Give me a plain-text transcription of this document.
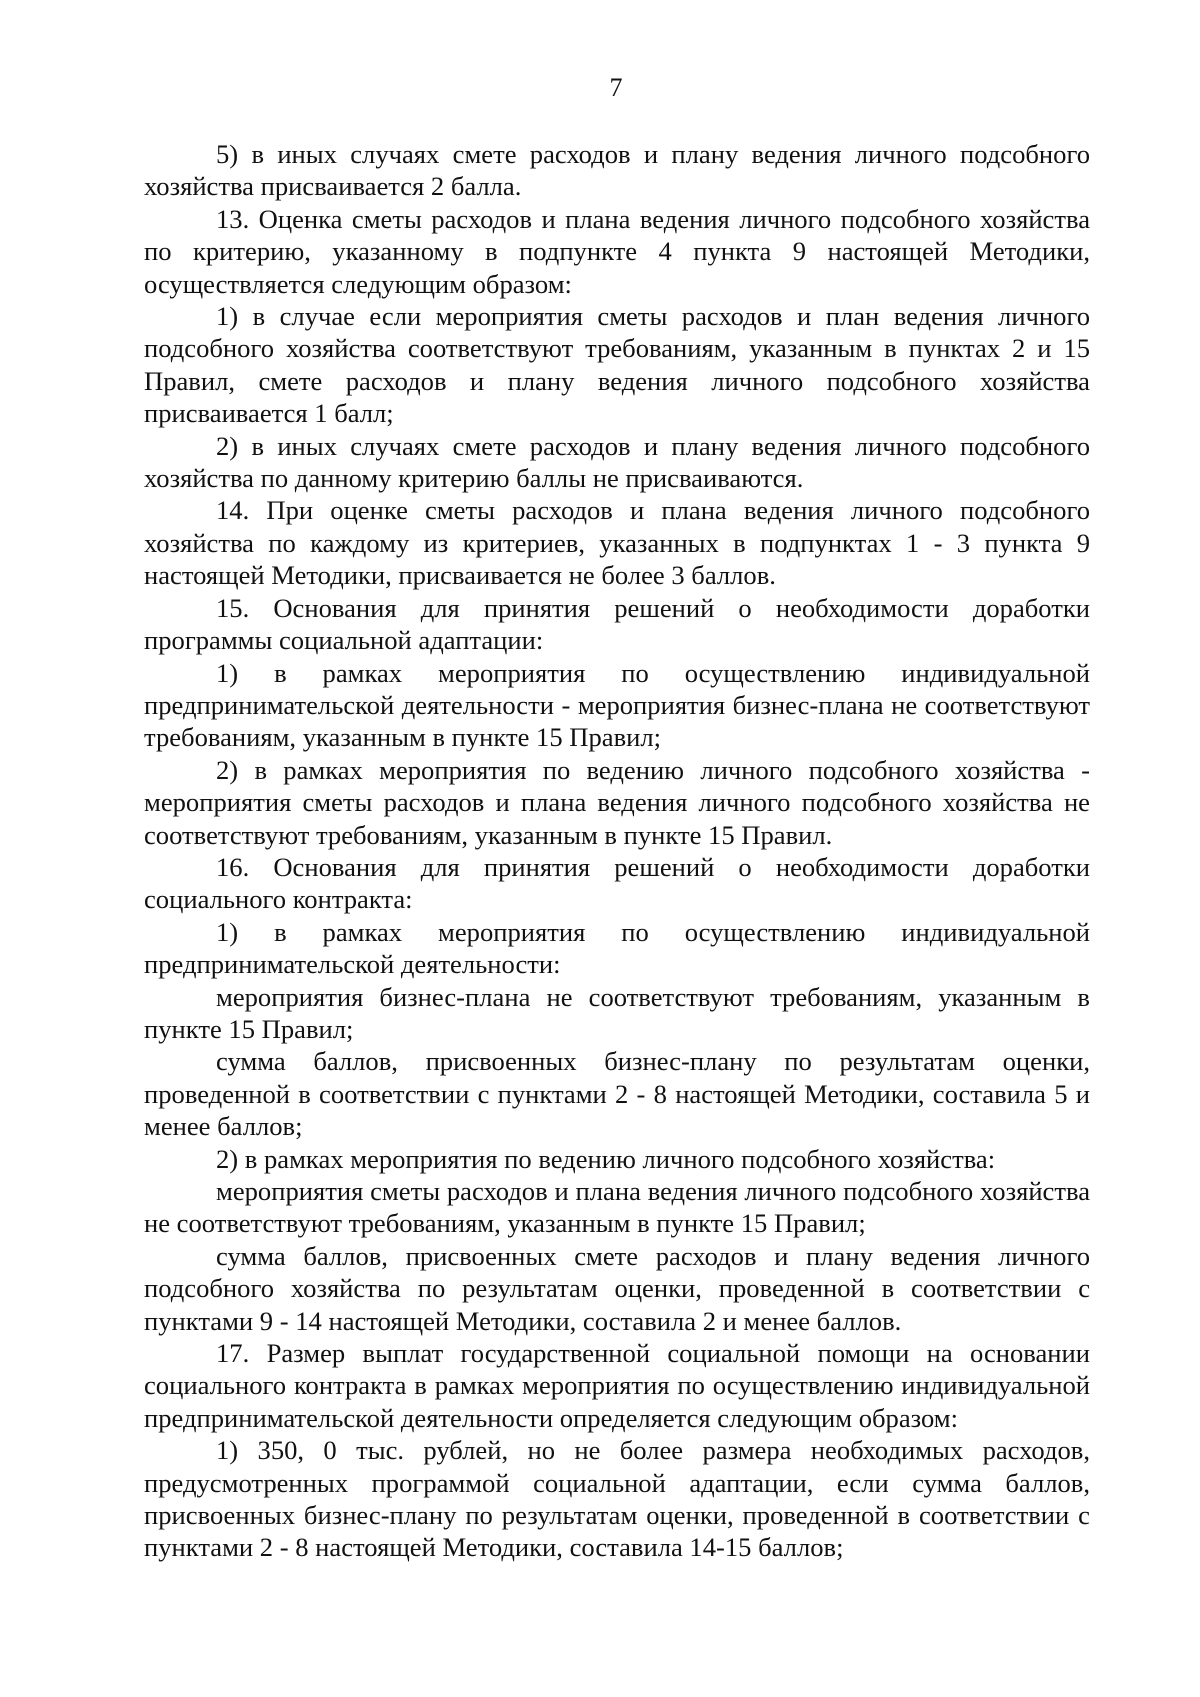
7

5) в иных случаях смете расходов и плану ведения личного подсобного хозяйства присваивается 2 балла.

13. Оценка сметы расходов и плана ведения личного подсобного хозяйства по критерию, указанному в подпункте 4 пункта 9 настоящей Методики, осуществляется следующим образом:

1) в случае если мероприятия сметы расходов и план ведения личного подсобного хозяйства соответствуют требованиям, указанным в пунктах 2 и 15 Правил, смете расходов и плану ведения личного подсобного хозяйства присваивается 1 балл;

2) в иных случаях смете расходов и плану ведения личного подсобного хозяйства по данному критерию баллы не присваиваются.

14. При оценке сметы расходов и плана ведения личного подсобного хозяйства по каждому из критериев, указанных в подпунктах 1 - 3 пункта 9 настоящей Методики, присваивается не более 3 баллов.

15. Основания для принятия решений о необходимости доработки программы социальной адаптации:

1) в рамках мероприятия по осуществлению индивидуальной предпринимательской деятельности - мероприятия бизнес-плана не соответствуют требованиям, указанным в пункте 15 Правил;

2) в рамках мероприятия по ведению личного подсобного хозяйства - мероприятия сметы расходов и плана ведения личного подсобного хозяйства не соответствуют требованиям, указанным в пункте 15 Правил.

16. Основания для принятия решений о необходимости доработки социального контракта:

1) в рамках мероприятия по осуществлению индивидуальной предпринимательской деятельности:

мероприятия бизнес-плана не соответствуют требованиям, указанным в пункте 15 Правил;

сумма баллов, присвоенных бизнес-плану по результатам оценки, проведенной в соответствии с пунктами 2 - 8 настоящей Методики, составила 5 и менее баллов;

2) в рамках мероприятия по ведению личного подсобного хозяйства:

мероприятия сметы расходов и плана ведения личного подсобного хозяйства не соответствуют требованиям, указанным в пункте 15 Правил;

сумма баллов, присвоенных смете расходов и плану ведения личного подсобного хозяйства по результатам оценки, проведенной в соответствии с пунктами 9 - 14 настоящей Методики, составила 2 и менее баллов.

17. Размер выплат государственной социальной помощи на основании социального контракта в рамках мероприятия по осуществлению индивидуальной предпринимательской деятельности определяется следующим образом:

1) 350, 0 тыс. рублей, но не более размера необходимых расходов, предусмотренных программой социальной адаптации, если сумма баллов, присвоенных бизнес-плану по результатам оценки, проведенной в соответствии с пунктами 2 - 8 настоящей Методики, составила 14-15 баллов;
